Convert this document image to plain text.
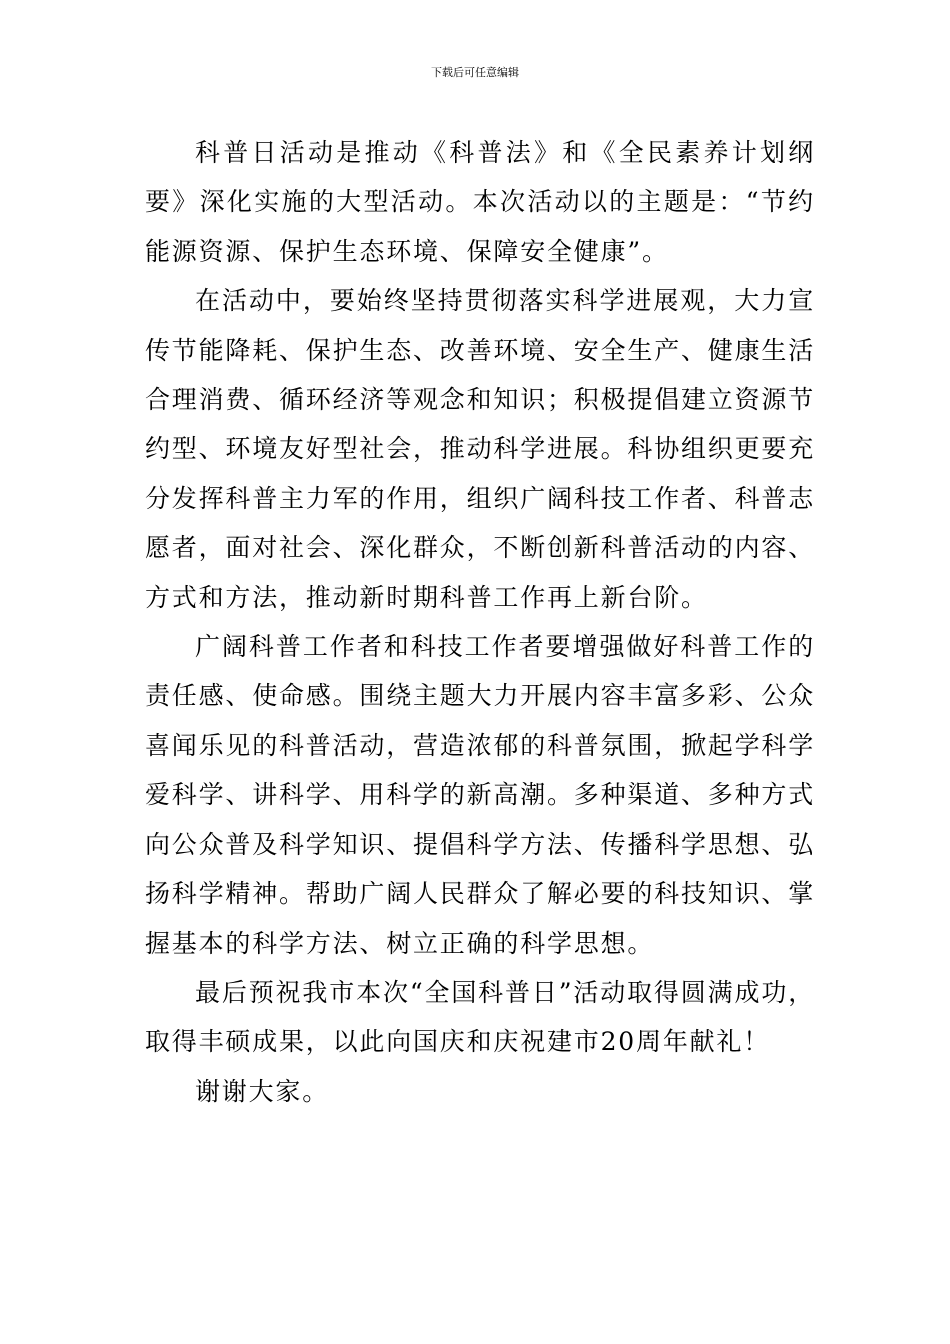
下载后可任意编辑

科普日活动是推动《科普法》和《全民素养计划纲要》深化实施的大型活动。本次活动以的主题是：“节约能源资源、保护生态环境、保障安全健康”。

在活动中，要始终坚持贯彻落实科学进展观，大力宣传节能降耗、保护生态、改善环境、安全生产、健康生活合理消费、循环经济等观念和知识；积极提倡建立资源节约型、环境友好型社会，推动科学进展。科协组织更要充分发挥科普主力军的作用，组织广阔科技工作者、科普志愿者，面对社会、深化群众，不断创新科普活动的内容、方式和方法，推动新时期科普工作再上新台阶。

广阔科普工作者和科技工作者要增强做好科普工作的责任感、使命感。围绕主题大力开展内容丰富多彩、公众喜闻乐见的科普活动，营造浓郁的科普氛围，掀起学科学爱科学、讲科学、用科学的新高潮。多种渠道、多种方式向公众普及科学知识、提倡科学方法、传播科学思想、弘扬科学精神。帮助广阔人民群众了解必要的科技知识、掌握基本的科学方法、树立正确的科学思想。

最后预祝我市本次“全国科普日”活动取得圆满成功，取得丰硕成果，以此向国庆和庆祝建市20周年献礼！

谢谢大家。
